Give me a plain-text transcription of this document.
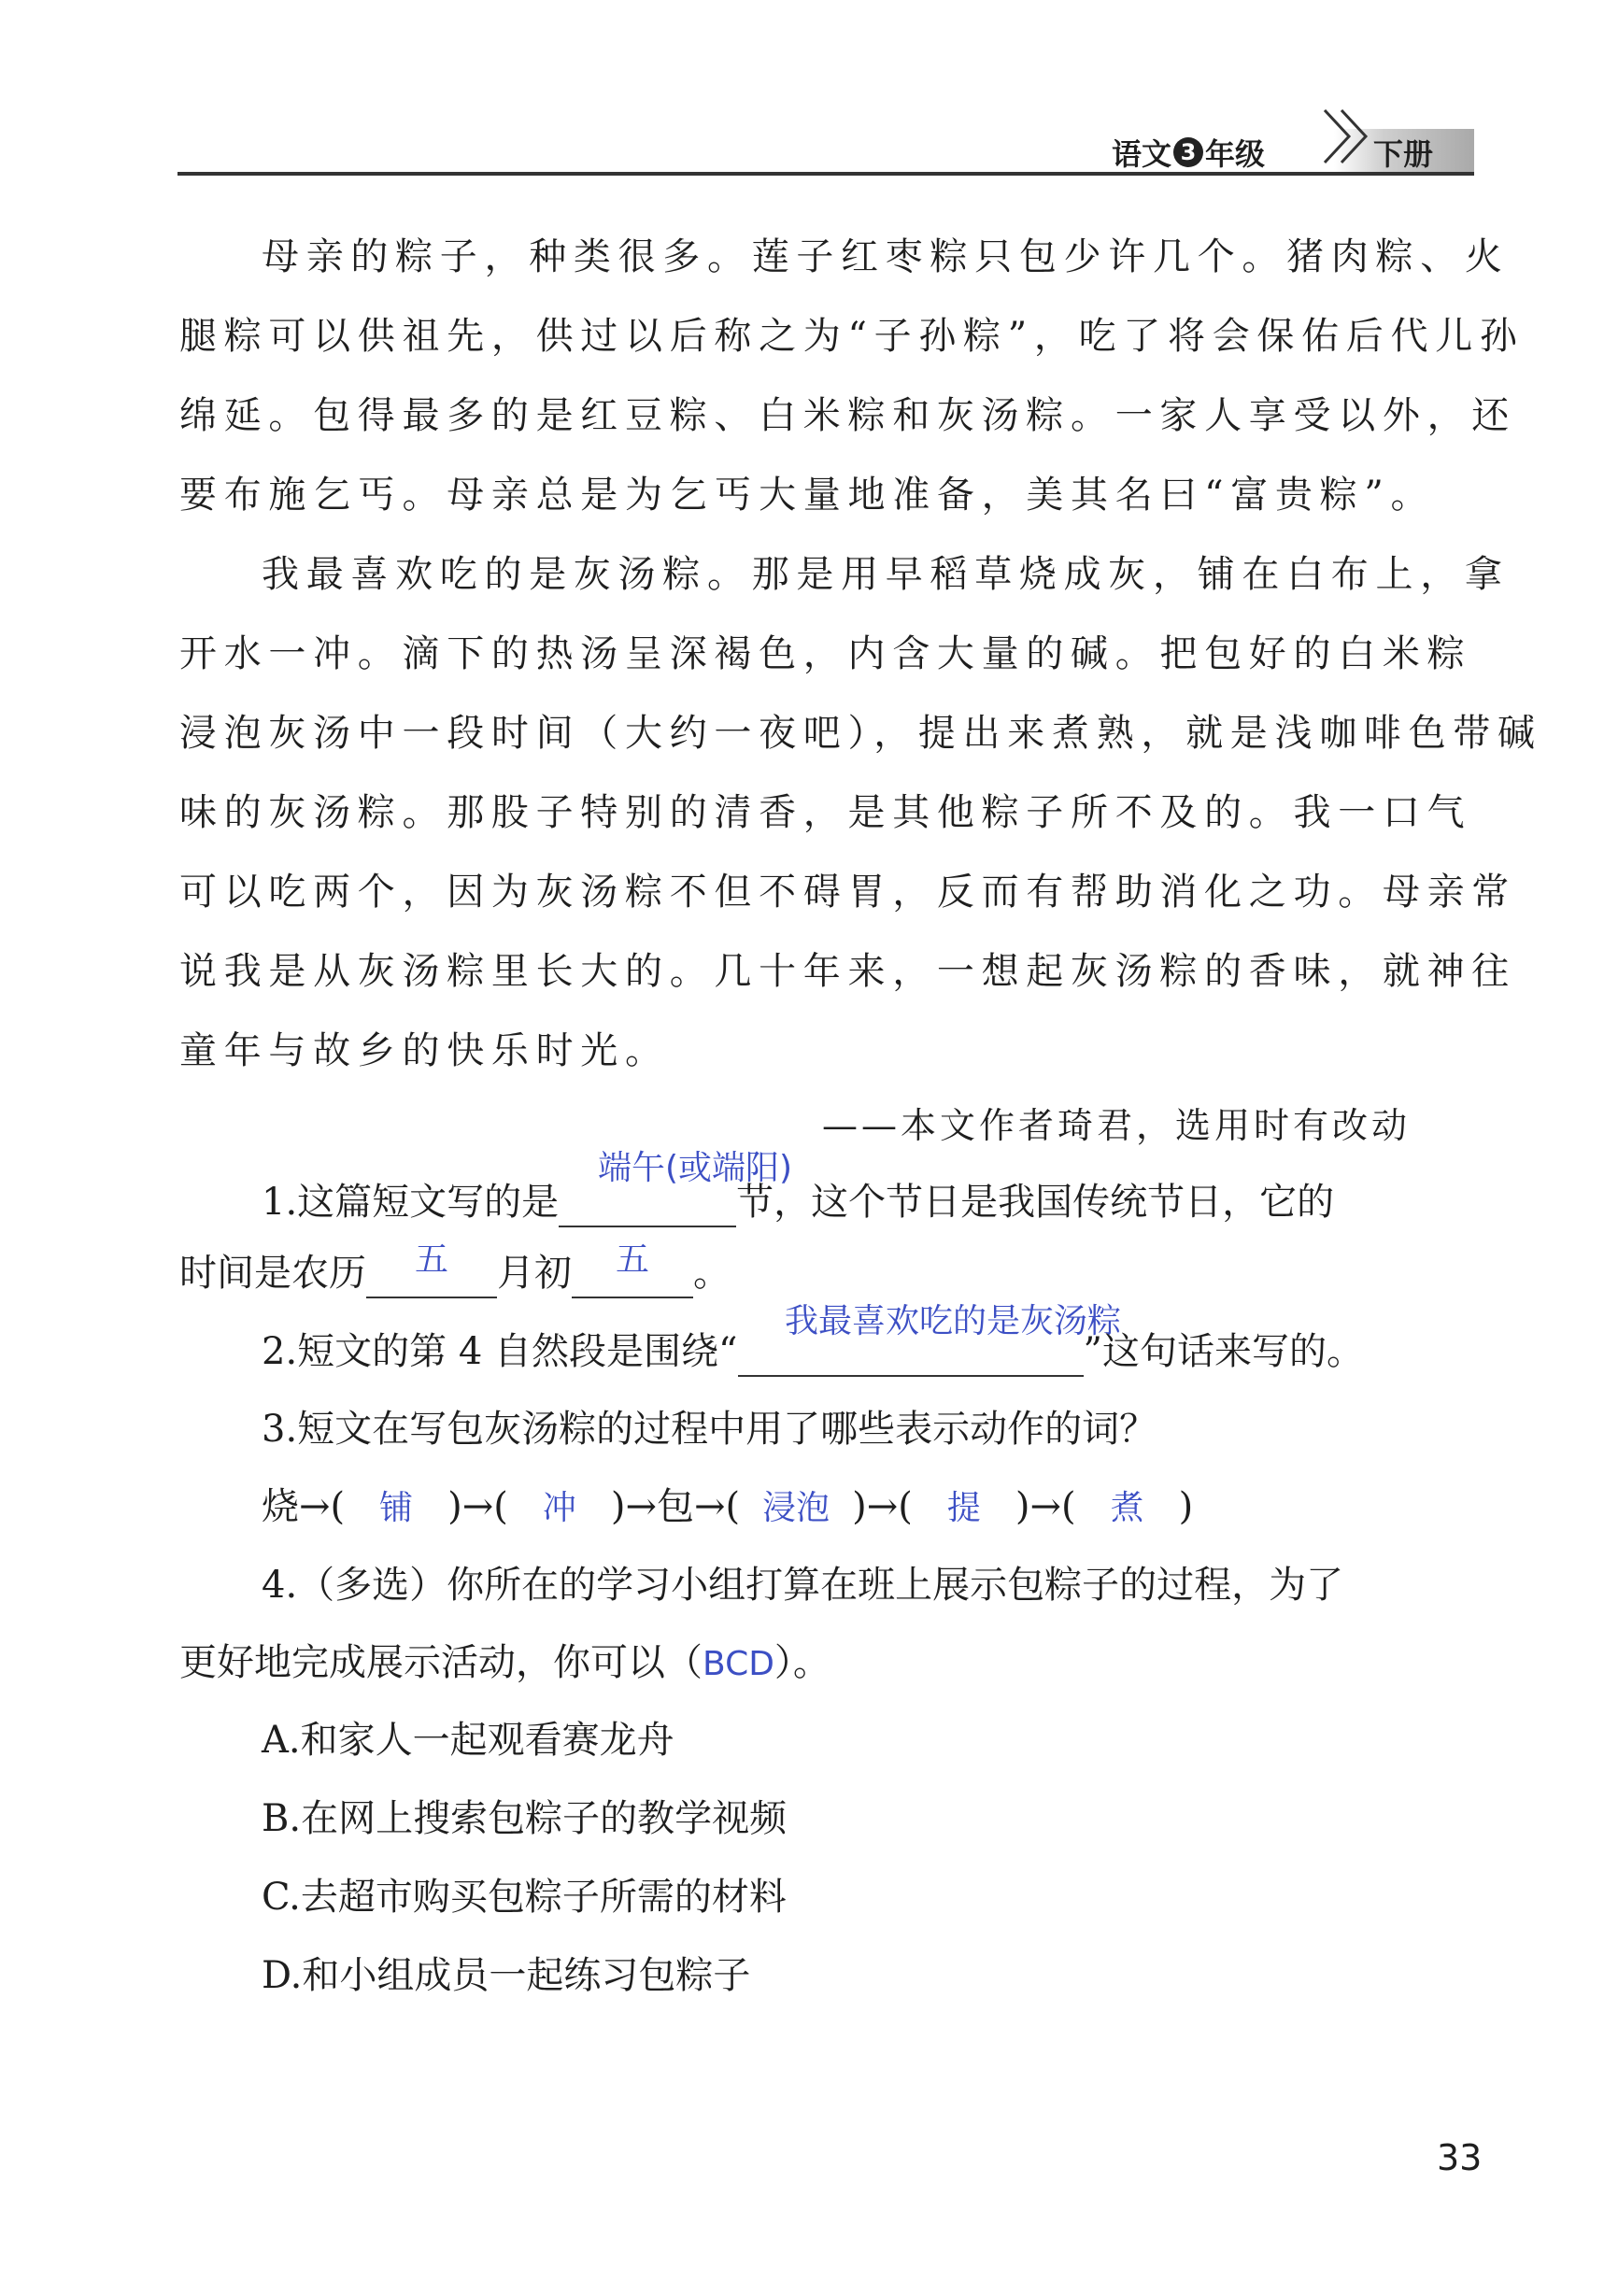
语文 3 年级	下册
母亲的粽子，种类很多。莲子红枣粽只包少许几个。猪肉粽、火
腿粽可以供祖先，供过以后称之为“子孙粽”，吃了将会保佑后代儿孙
绵延。包得最多的是红豆粽、白米粽和灰汤粽。一家人享受以外，还
要布施乞丐。母亲总是为乞丐大量地准备，美其名曰“富贵粽”。
我最喜欢吃的是灰汤粽。那是用早稻草烧成灰，铺在白布上，拿
开水一冲。滴下的热汤呈深褐色，内含大量的碱。把包好的白米粽
浸泡灰汤中一段时间（大约一夜吧），提出来煮熟，就是浅咖啡色带碱
味的灰汤粽。那股子特别的清香，是其他粽子所不及的。我一口气
可以吃两个，因为灰汤粽不但不碍胃，反而有帮助消化之功。母亲常
说我是从灰汤粽里长大的。几十年来，一想起灰汤粽的香味，就神往
童年与故乡的快乐时光。
——本文作者琦君，选用时有改动
端午(或端阳)
1.这篇短文写的是	节，这个节日是我国传统节日，它的
时间是农历	五	月初	五	。
我最喜欢吃的是灰汤粽
2.短文的第 4 自然段是围绕“	”这句话来写的。
3.短文在写包灰汤粽的过程中用了哪些表示动作的词？
烧→( 铺 )→( 冲 )→包→( 浸泡 )→( 提 )→( 煮 )
4.（多选）你所在的学习小组打算在班上展示包粽子的过程，为了
更好地完成展示活动，你可以（BCD）。
A.和家人一起观看赛龙舟
B.在网上搜索包粽子的教学视频
C.去超市购买包粽子所需的材料
D.和小组成员一起练习包粽子
33
